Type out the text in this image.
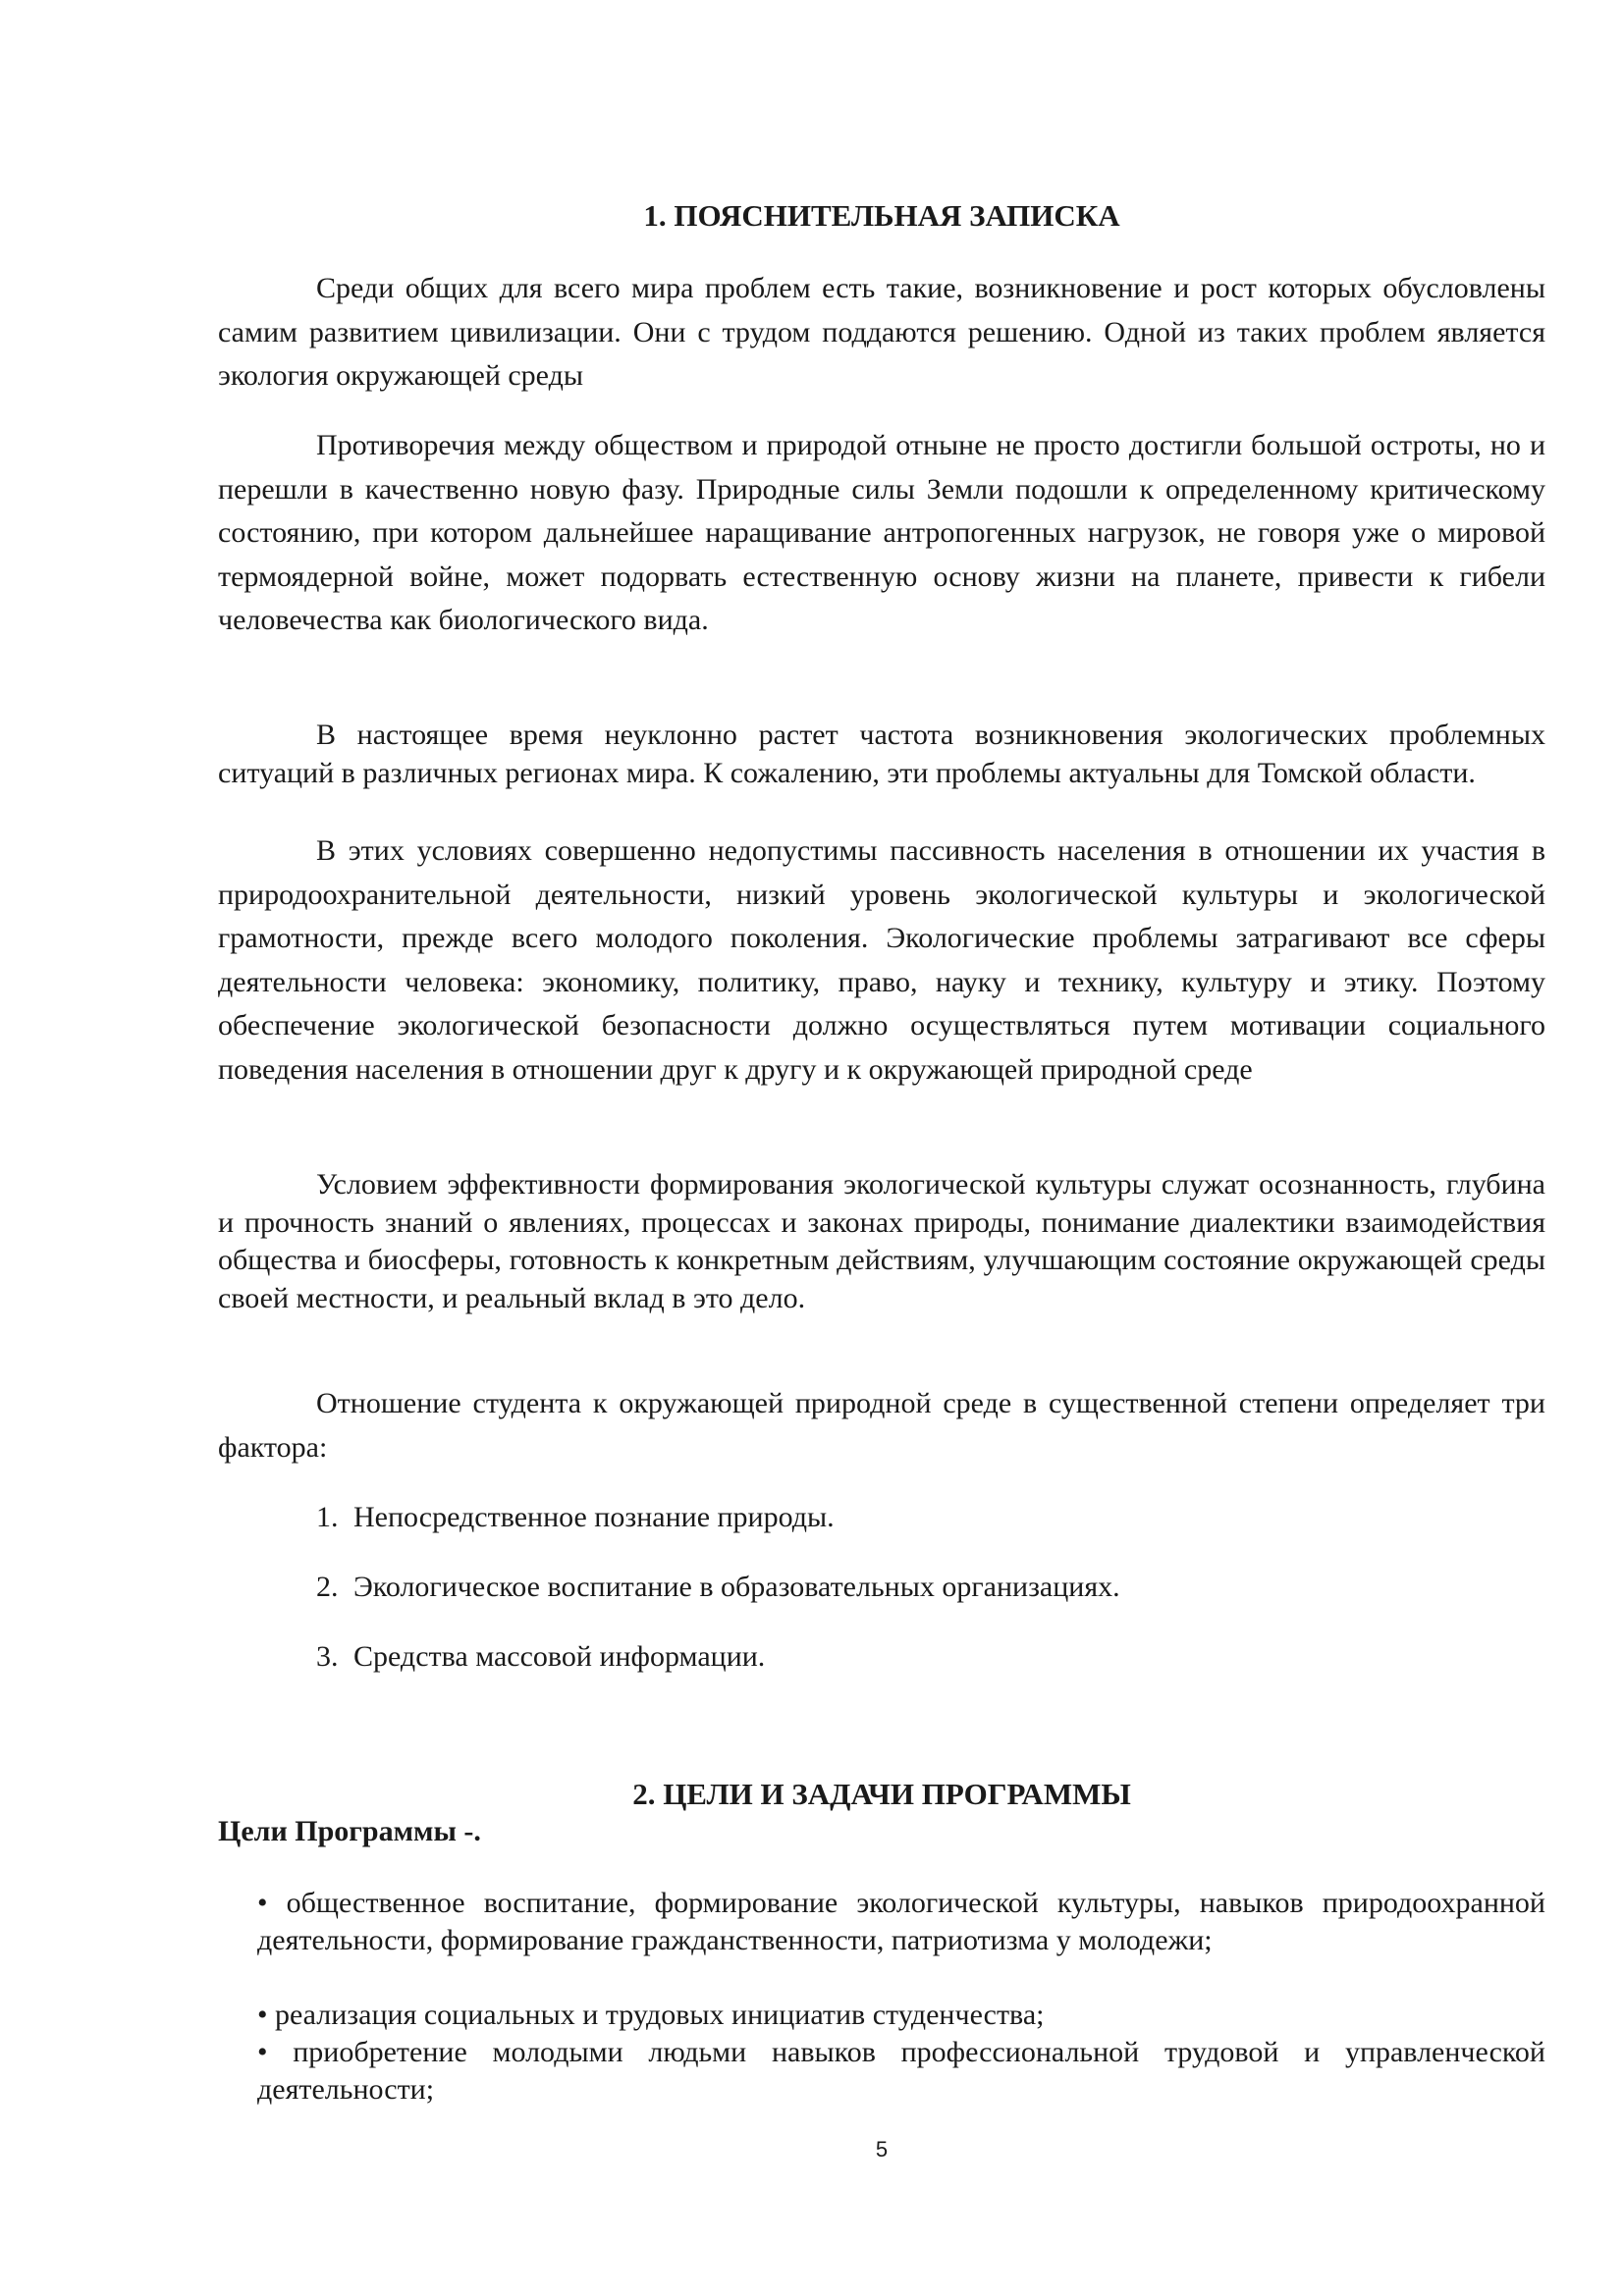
1. ПОЯСНИТЕЛЬНАЯ ЗАПИСКА

Среди общих для всего мира проблем есть такие, возникновение и рост которых обусловлены самим развитием цивилизации. Они с трудом поддаются решению. Одной из таких проблем является экология окружающей среды

Противоречия между обществом и природой отныне не просто достигли большой остроты, но и перешли в качественно новую фазу. Природные силы Земли подошли к определенному критическому состоянию, при котором дальнейшее наращивание антропогенных нагрузок, не говоря уже о мировой термоядерной войне, может подорвать естественную основу жизни на планете, привести к гибели человечества как биологического вида.

В настоящее время неуклонно растет частота возникновения экологических проблемных ситуаций в различных регионах мира. К сожалению, эти проблемы актуальны для Томской области.

В этих условиях совершенно недопустимы пассивность населения в отношении их участия в природоохранительной деятельности, низкий уровень экологической культуры и экологической грамотности, прежде всего молодого поколения. Экологические проблемы затрагивают все сферы деятельности человека: экономику, политику, право, науку и технику, культуру и этику. Поэтому обеспечение экологической безопасности должно осуществляться путем мотивации социального поведения населения в отношении друг к другу и к окружающей природной среде

Условием эффективности формирования экологической культуры служат осознанность, глубина и прочность знаний о явлениях, процессах и законах природы, понимание диалектики взаимодействия общества и биосферы, готовность к конкретным действиям, улучшающим состояние окружающей среды своей местности, и реальный вклад в это дело.

Отношение студента к окружающей природной среде в существенной степени определяет три фактора:

1. Непосредственное познание природы.
2. Экологическое воспитание в образовательных организациях.
3. Средства массовой информации.
2. ЦЕЛИ И ЗАДАЧИ ПРОГРАММЫ
Цели Программы -.

• общественное воспитание, формирование экологической культуры, навыков природоохранной деятельности, формирование гражданственности, патриотизма у молодежи;

• реализация социальных и трудовых инициатив студенчества;

• приобретение молодыми людьми навыков профессиональной трудовой и управленческой деятельности;

5
